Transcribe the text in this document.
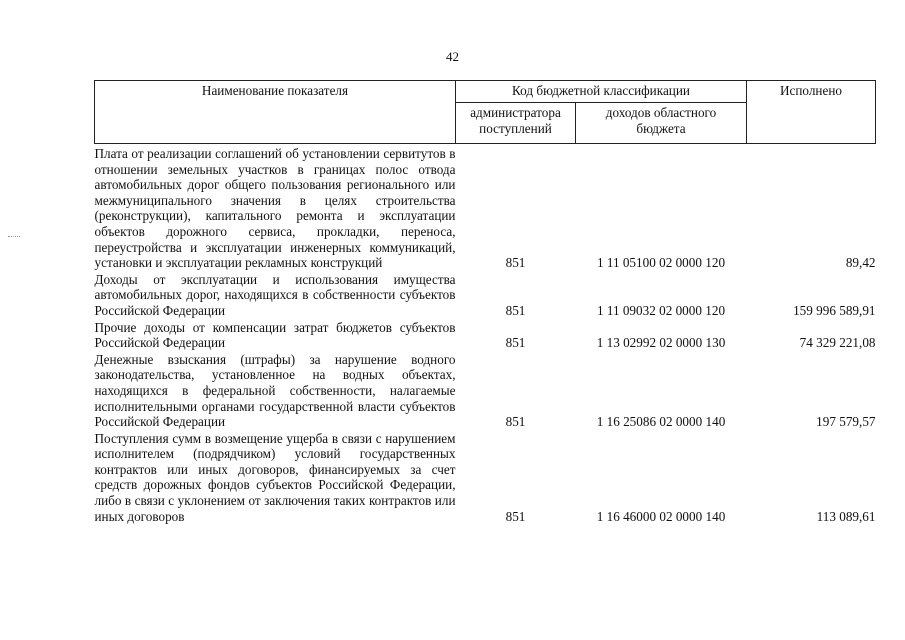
42
Наименование показателя	Код бюджетной классификации		Исполнено
	администратора поступлений	доходов областного бюджета	
Плата от реализации соглашений об установлении сервитутов в отношении земельных участков в границах полос отвода автомобильных дорог общего пользования регионального или межмуниципального значения в целях строительства (реконструкции), капитального ремонта и эксплуатации объектов дорожного сервиса, прокладки, переноса, переустройства и эксплуатации инженерных коммуникаций, установки и эксплуатации рекламных конструкций	851	1 11 05100 02 0000 120	89,42
Доходы от эксплуатации и использования имущества автомобильных дорог, находящихся в собственности субъектов Российской Федерации	851	1 11 09032 02 0000 120	159 996 589,91
Прочие доходы от компенсации затрат бюджетов субъектов Российской Федерации	851	1 13 02992 02 0000 130	74 329 221,08
Денежные взыскания (штрафы) за нарушение водного законодательства, установленное на водных объектах, находящихся в федеральной собственности, налагаемые исполнительными органами государственной власти субъектов Российской Федерации	851	1 16 25086 02 0000 140	197 579,57
Поступления сумм в возмещение ущерба в связи с нарушением исполнителем (подрядчиком) условий государственных контрактов или иных договоров, финансируемых за счет средств дорожных фондов субъектов Российской Федерации, либо в связи с уклонением от заключения таких контрактов или иных договоров	851	1 16 46000 02 0000 140	113 089,61
